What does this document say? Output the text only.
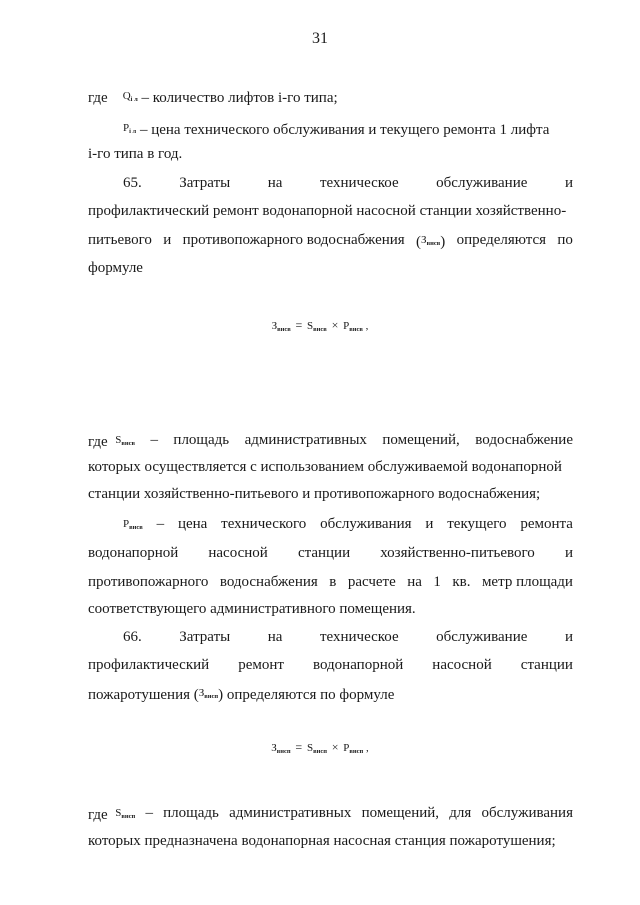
31
где $^{Q_{i л}}$ – количество лифтов i-го типа;
$^{P_{i л}}$ – цена технического обслуживания и текущего ремонта 1 лифта
i-го типа в год.
65.	Затраты	на	техническое	обслуживание	и
профилактический ремонт водонапорной насосной станции хозяйственно-
питьевого и противопожарного водоснабжения ($^{З_{внсв}}$) определяются по
формуле
Звнсв = Sвнсв × Pвнсв ,
где $^{S_{внсв}}$ – площадь административных помещений, водоснабжение
которых осуществляется с использованием обслуживаемой водонапорной
станции хозяйственно-питьевого и противопожарного водоснабжения;
$P_{внсв}$ – цена технического обслуживания и текущего ремонта
водонапорной насосной станции хозяйственно-питьевого и
противопожарного водоснабжения в расчете на 1 кв. метр площади
соответствующего административного помещения.
66.	Затраты	на	техническое	обслуживание	и
профилактический ремонт водонапорной насосной станции
пожаротушения ($^{З_{внсп}}$) определяются по формуле
Звнсп = Sвнсп × Pвнсп ,
где $^{S_{внсп}}$ – площадь административных помещений, для обслуживания
которых предназначена водонапорная насосная станция пожаротушения;
